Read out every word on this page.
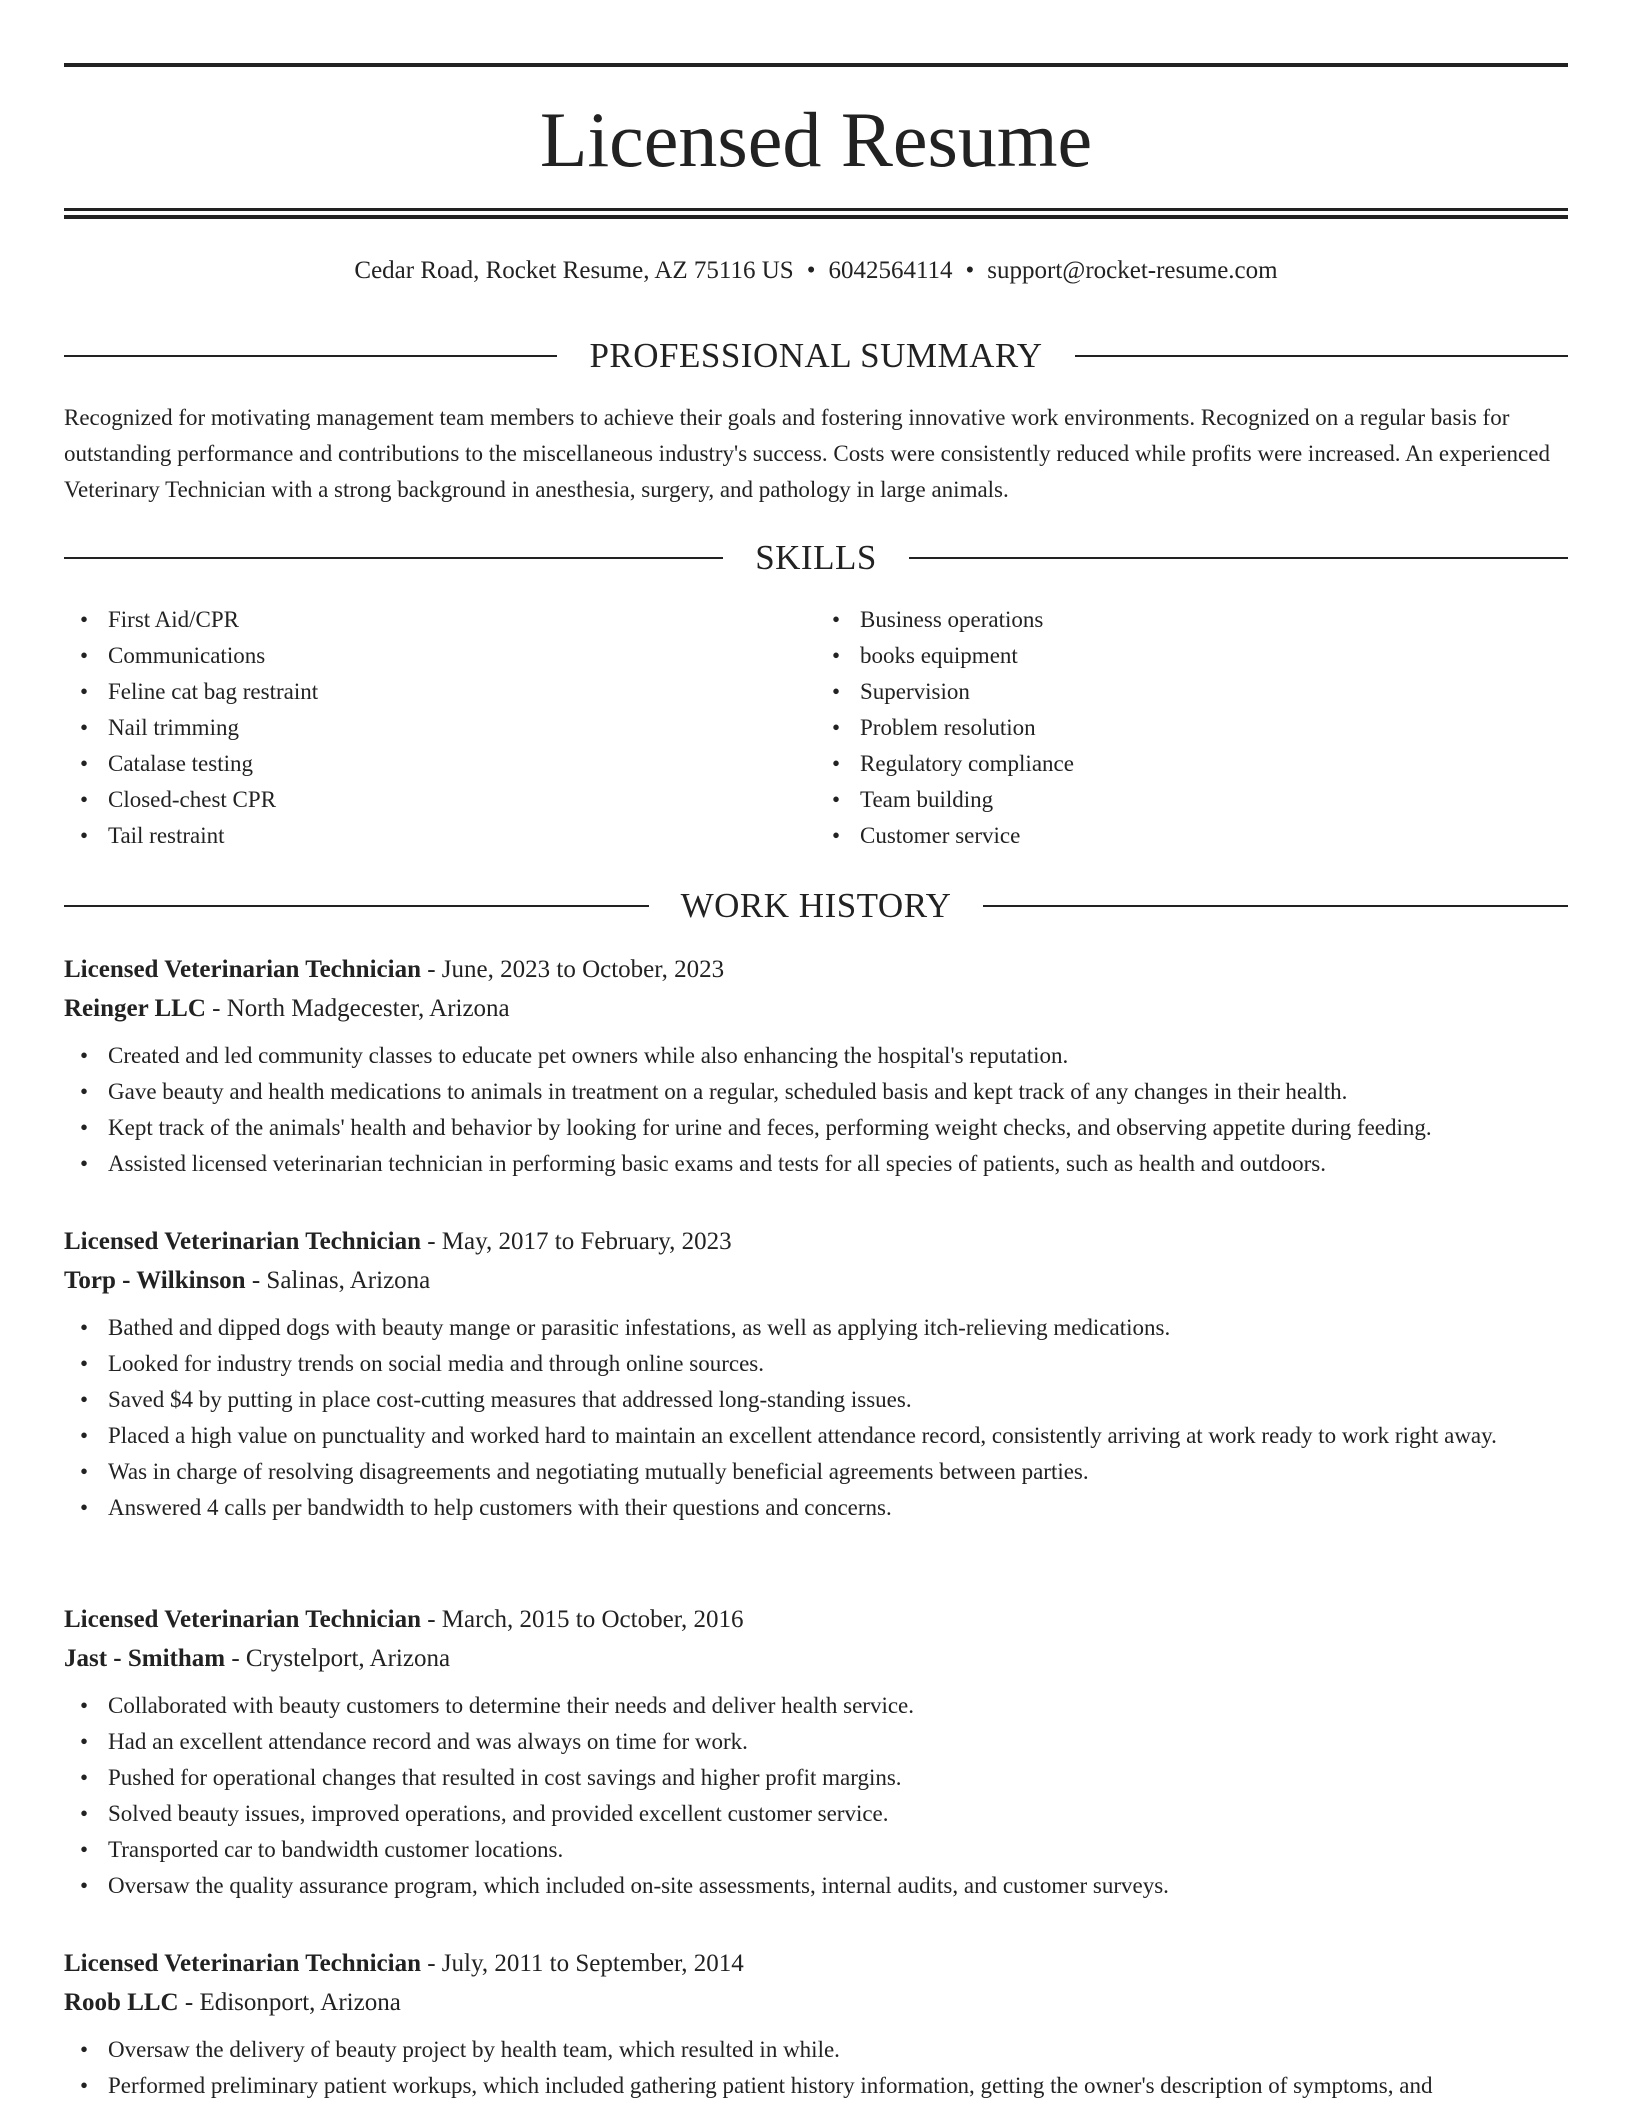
Licensed Resume
Cedar Road, Rocket Resume, AZ 75116 US • 6042564114 • support@rocket-resume.com
PROFESSIONAL SUMMARY
Recognized for motivating management team members to achieve their goals and fostering innovative work environments. Recognized on a regular basis for outstanding performance and contributions to the miscellaneous industry's success. Costs were consistently reduced while profits were increased. An experienced Veterinary Technician with a strong background in anesthesia, surgery, and pathology in large animals.
SKILLS
• First Aid/CPR
• Communications
• Feline cat bag restraint
• Nail trimming
• Catalase testing
• Closed-chest CPR
• Tail restraint
• Business operations
• books equipment
• Supervision
• Problem resolution
• Regulatory compliance
• Team building
• Customer service
WORK HISTORY
Licensed Veterinarian Technician - June, 2023 to October, 2023
Reinger LLC - North Madgecester, Arizona
• Created and led community classes to educate pet owners while also enhancing the hospital's reputation.
• Gave beauty and health medications to animals in treatment on a regular, scheduled basis and kept track of any changes in their health.
• Kept track of the animals' health and behavior by looking for urine and feces, performing weight checks, and observing appetite during feeding.
• Assisted licensed veterinarian technician in performing basic exams and tests for all species of patients, such as health and outdoors.
Licensed Veterinarian Technician - May, 2017 to February, 2023
Torp - Wilkinson - Salinas, Arizona
• Bathed and dipped dogs with beauty mange or parasitic infestations, as well as applying itch-relieving medications.
• Looked for industry trends on social media and through online sources.
• Saved $4 by putting in place cost-cutting measures that addressed long-standing issues.
• Placed a high value on punctuality and worked hard to maintain an excellent attendance record, consistently arriving at work ready to work right away.
• Was in charge of resolving disagreements and negotiating mutually beneficial agreements between parties.
• Answered 4 calls per bandwidth to help customers with their questions and concerns.
Licensed Veterinarian Technician - March, 2015 to October, 2016
Jast - Smitham - Crystelport, Arizona
• Collaborated with beauty customers to determine their needs and deliver health service.
• Had an excellent attendance record and was always on time for work.
• Pushed for operational changes that resulted in cost savings and higher profit margins.
• Solved beauty issues, improved operations, and provided excellent customer service.
• Transported car to bandwidth customer locations.
• Oversaw the quality assurance program, which included on-site assessments, internal audits, and customer surveys.
Licensed Veterinarian Technician - July, 2011 to September, 2014
Roob LLC - Edisonport, Arizona
• Oversaw the delivery of beauty project by health team, which resulted in while.
• Performed preliminary patient workups, which included gathering patient history information, getting the owner's description of symptoms, and
